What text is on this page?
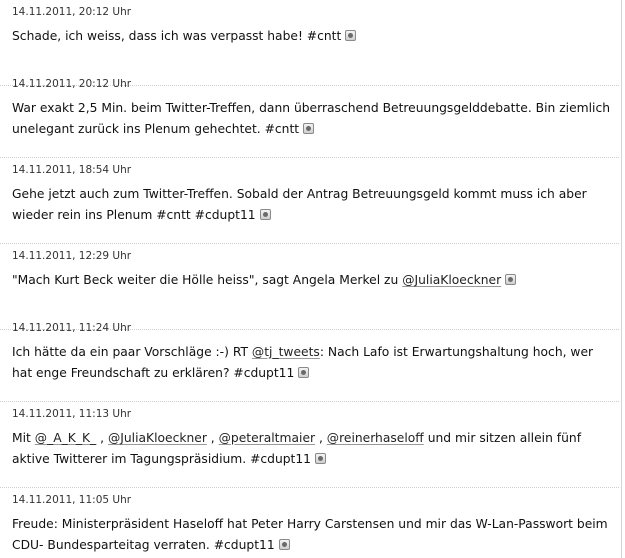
14.11.2011, 20:12 Uhr
Schade, ich weiss, dass ich was verpasst habe! #cntt
14.11.2011, 20:12 Uhr
War exakt 2,5 Min. beim Twitter-Treffen, dann überraschend Betreuungsgelddebatte. Bin ziemlich unelegant zurück ins Plenum gehechtet. #cntt
14.11.2011, 18:54 Uhr
Gehe jetzt auch zum Twitter-Treffen. Sobald der Antrag Betreuungsgeld kommt muss ich aber wieder rein ins Plenum #cntt #cdupt11
14.11.2011, 12:29 Uhr
"Mach Kurt Beck weiter die Hölle heiss", sagt Angela Merkel zu @JuliaKloeckner
14.11.2011, 11:24 Uhr
Ich hätte da ein paar Vorschläge :-) RT @tj_tweets: Nach Lafo ist Erwartungshaltung hoch, wer hat enge Freundschaft zu erklären? #cdupt11
14.11.2011, 11:13 Uhr
Mit @_A_K_K_ , @JuliaKloeckner , @peteraltmaier , @reinerhaseloff und mir sitzen allein fünf aktive Twitterer im Tagungspräsidium. #cdupt11
14.11.2011, 11:05 Uhr
Freude: Ministerpräsident Haseloff hat Peter Harry Carstensen und mir das W-Lan-Passwort beim CDU- Bundesparteitag verraten. #cdupt11
